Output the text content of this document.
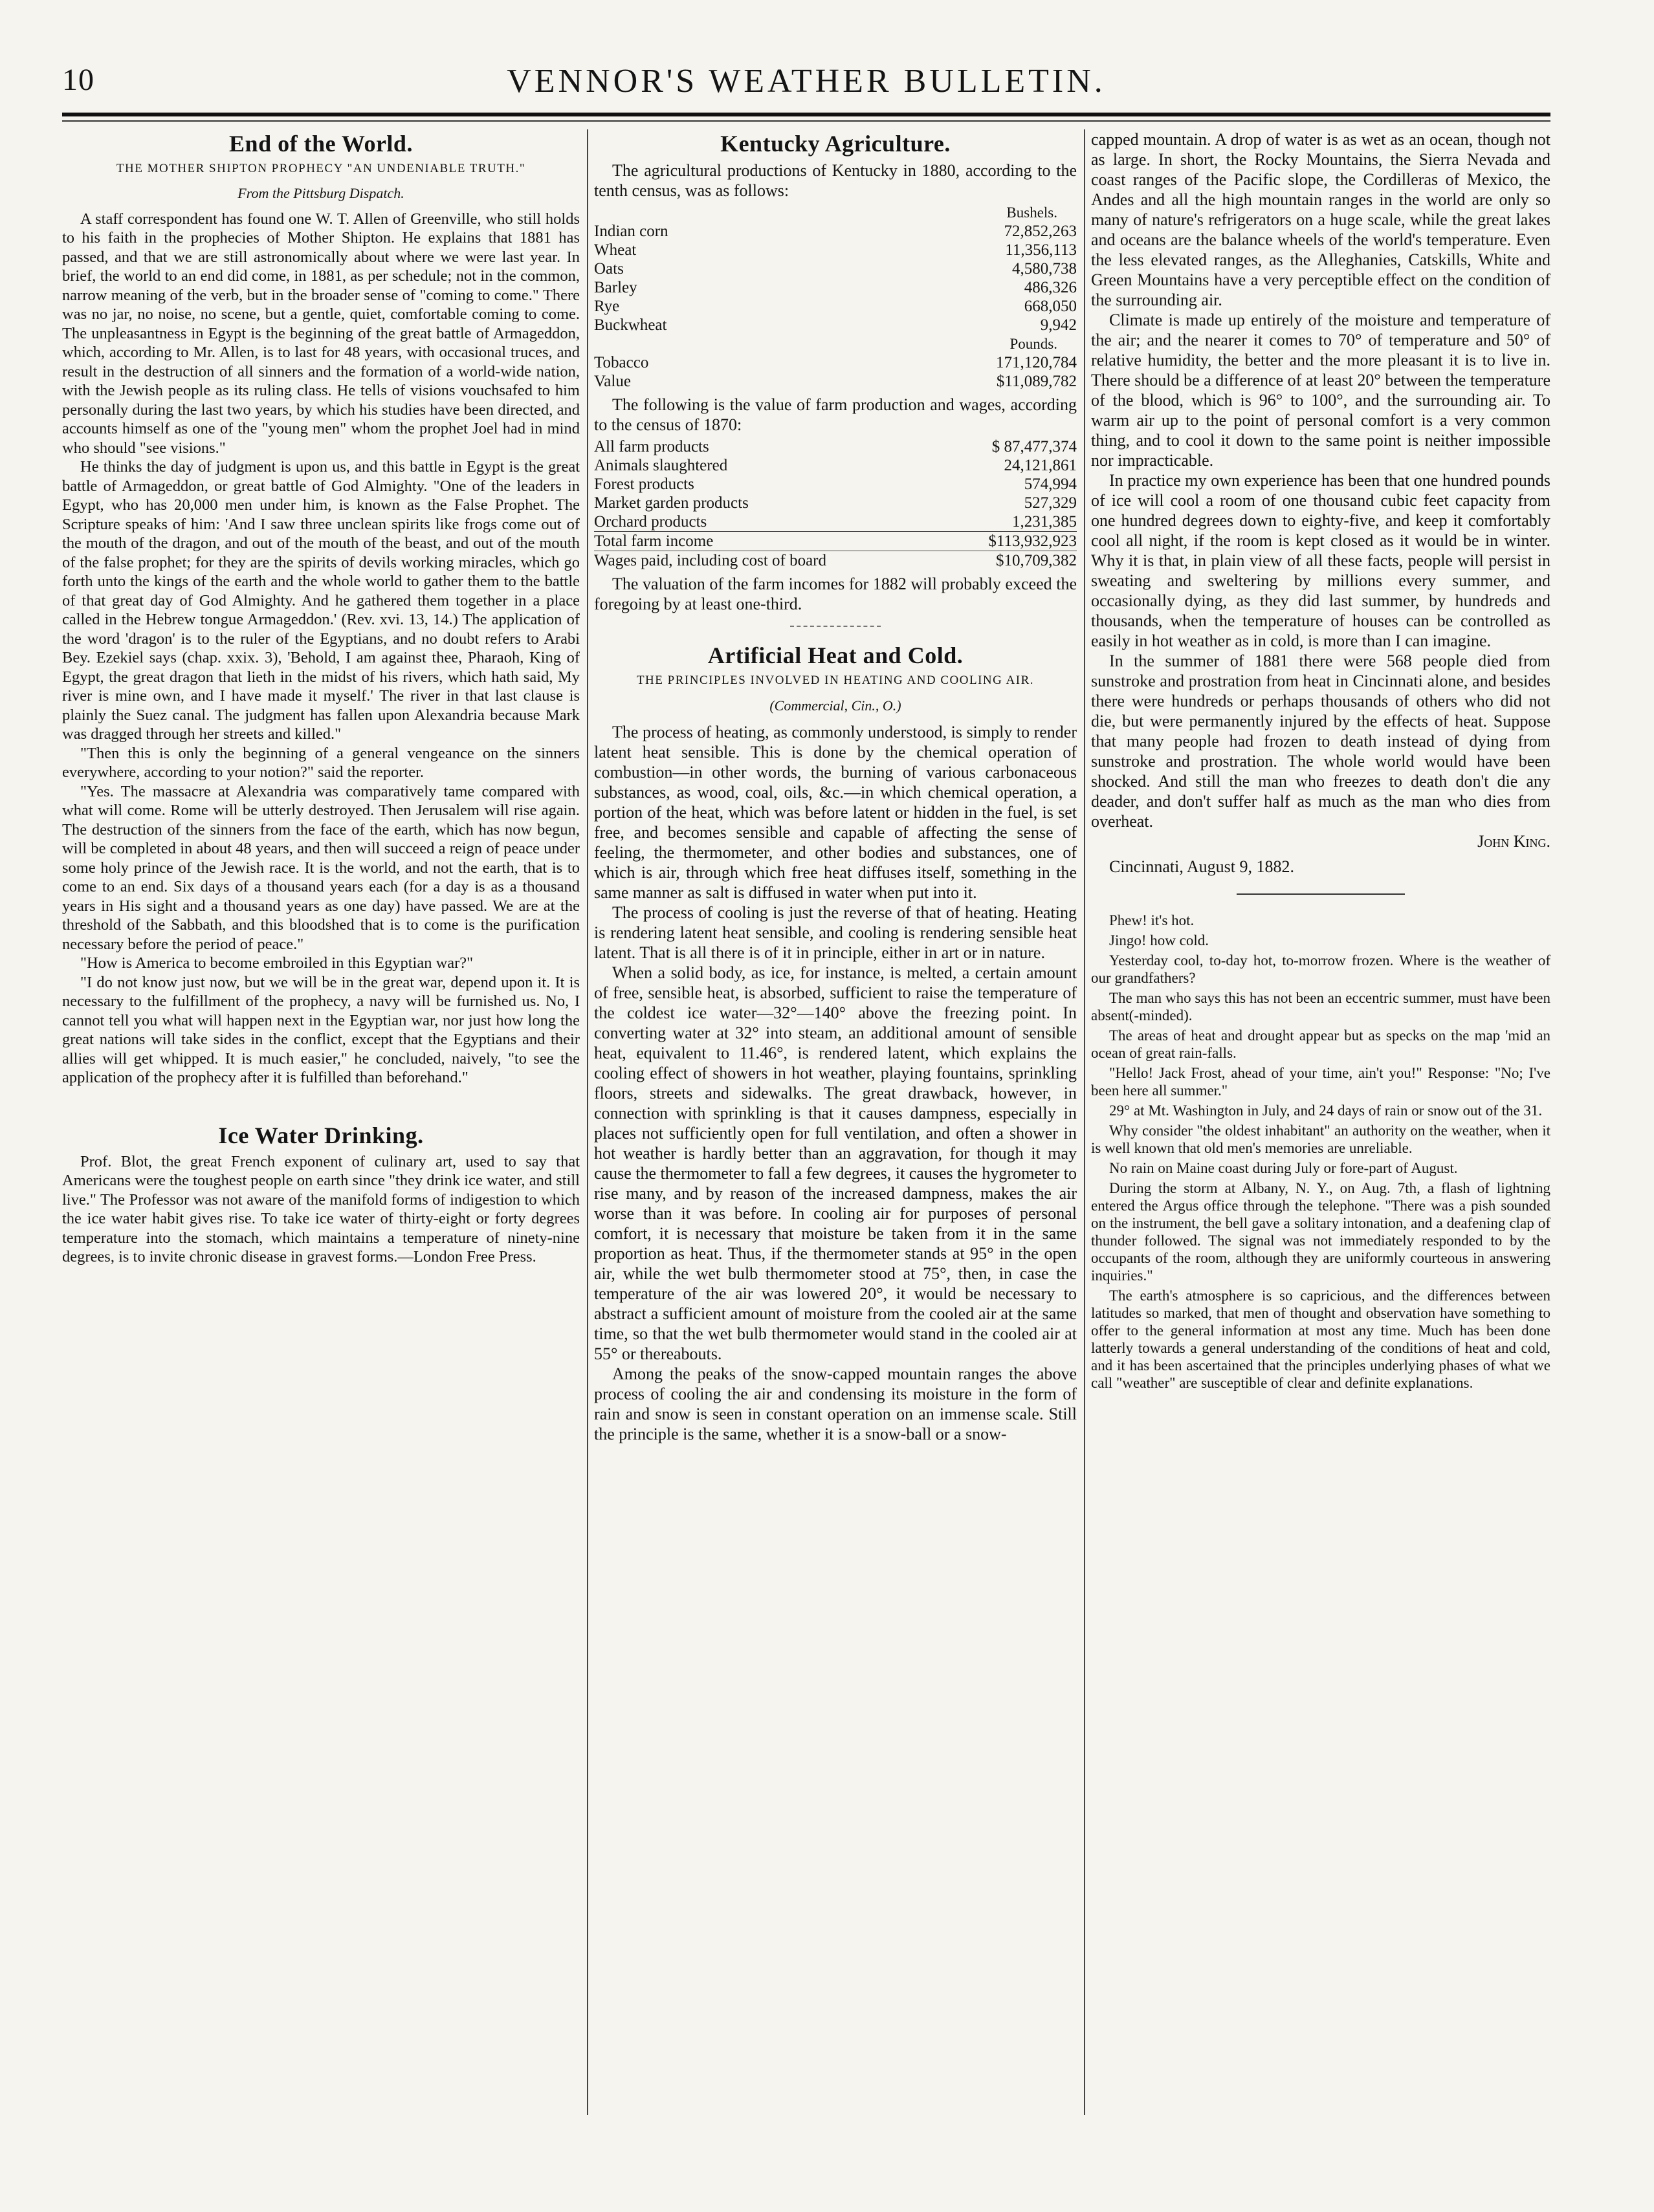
10	VENNOR'S WEATHER BULLETIN.
End of the World.
THE MOTHER SHIPTON PROPHECY "AN UNDENIABLE TRUTH."
From the Pittsburg Dispatch.

A staff correspondent has found one W. T. Allen of Greenville, who still holds to his faith in the prophecies of Mother Shipton. He explains that 1881 has passed, and that we are still astronomically about where we were last year. In brief, the world to an end did come, in 1881, as per schedule; not in the common, narrow meaning of the verb, but in the broader sense of "coming to come." There was no jar, no noise, no scene, but a gentle, quiet, comfortable coming to come. The unpleasantness in Egypt is the beginning of the great battle of Armageddon, which, according to Mr. Allen, is to last for 48 years, with occasional truces, and result in the destruction of all sinners and the formation of a world-wide nation, with the Jewish people as its ruling class. He tells of visions vouchsafed to him personally during the last two years, by which his studies have been directed, and accounts himself as one of the "young men" whom the prophet Joel had in mind who should "see visions."

He thinks the day of judgment is upon us, and this battle in Egypt is the great battle of Armageddon, or great battle of God Almighty. "One of the leaders in Egypt, who has 20,000 men under him, is known as the False Prophet. The Scripture speaks of him: 'And I saw three unclean spirits like frogs come out of the mouth of the dragon, and out of the mouth of the beast, and out of the mouth of the false prophet; for they are the spirits of devils working miracles, which go forth unto the kings of the earth and the whole world to gather them to the battle of that great day of God Almighty. And he gathered them together in a place called in the Hebrew tongue Armageddon.' (Rev. xvi. 13, 14.) The application of the word 'dragon' is to the ruler of the Egyptians, and no doubt refers to Arabi Bey. Ezekiel says (chap. xxix. 3), 'Behold, I am against thee, Pharaoh, King of Egypt, the great dragon that lieth in the midst of his rivers, which hath said, My river is mine own, and I have made it myself.' The river in that last clause is plainly the Suez canal. The judgment has fallen upon Alexandria because Mark was dragged through her streets and killed."

"Then this is only the beginning of a general vengeance on the sinners everywhere, according to your notion?" said the reporter.

"Yes. The massacre at Alexandria was comparatively tame compared with what will come. Rome will be utterly destroyed. Then Jerusalem will rise again. The destruction of the sinners from the face of the earth, which has now begun, will be completed in about 48 years, and then will succeed a reign of peace under some holy prince of the Jewish race. It is the world, and not the earth, that is to come to an end. Six days of a thousand years each (for a day is as a thousand years in His sight and a thousand years as one day) have passed. We are at the threshold of the Sabbath, and this bloodshed that is to come is the purification necessary before the period of peace."

"How is America to become embroiled in this Egyptian war?"

"I do not know just now, but we will be in the great war, depend upon it. It is necessary to the fulfillment of the prophecy, a navy will be furnished us. No, I cannot tell you what will happen next in the Egyptian war, nor just how long the great nations will take sides in the conflict, except that the Egyptians and their allies will get whipped. It is much easier," he concluded, naively, "to see the application of the prophecy after it is fulfilled than beforehand."

Ice Water Drinking.

Prof. Blot, the great French exponent of culinary art, used to say that Americans were the toughest people on earth since "they drink ice water, and still live." The Professor was not aware of the manifold forms of indigestion to which the ice water habit gives rise. To take ice water of thirty-eight or forty degrees temperature into the stomach, which maintains a temperature of ninety-nine degrees, is to invite chronic disease in gravest forms.—London Free Press.

Kentucky Agriculture.

The agricultural productions of Kentucky in 1880, according to the tenth census, was as follows:

	Bushels.
Indian corn	72,852,263
Wheat	11,356,113
Oats	4,580,738
Barley	486,326
Rye	668,050
Buckwheat	9,942
	Pounds.
Tobacco	171,120,784
Value	$11,089,782

The following is the value of farm production and wages, according to the census of 1870:

All farm products	$ 87,477,374
Animals slaughtered	24,121,861
Forest products	574,994
Market garden products	527,329
Orchard products	1,231,385
Total farm income	$113,932,923
Wages paid, including cost of board	$10,709,382

The valuation of the farm incomes for 1882 will probably exceed the foregoing by at least one-third.

Artificial Heat and Cold.
THE PRINCIPLES INVOLVED IN HEATING AND COOLING AIR.
(Commercial, Cin., O.)

The process of heating, as commonly understood, is simply to render latent heat sensible. This is done by the chemical operation of combustion—in other words, the burning of various carbonaceous substances, as wood, coal, oils, &c.—in which chemical operation, a portion of the heat, which was before latent or hidden in the fuel, is set free, and becomes sensible and capable of affecting the sense of feeling, the thermometer, and other bodies and substances, one of which is air, through which free heat diffuses itself, something in the same manner as salt is diffused in water when put into it.

The process of cooling is just the reverse of that of heating. Heating is rendering latent heat sensible, and cooling is rendering sensible heat latent. That is all there is of it in principle, either in art or in nature.

When a solid body, as ice, for instance, is melted, a certain amount of free, sensible heat, is absorbed, sufficient to raise the temperature of the coldest ice water—32°—140° above the freezing point. In converting water at 32° into steam, an additional amount of sensible heat, equivalent to 11.46°, is rendered latent, which explains the cooling effect of showers in hot weather, playing fountains, sprinkling floors, streets and sidewalks. The great drawback, however, in connection with sprinkling is that it causes dampness, especially in places not sufficiently open for full ventilation, and often a shower in hot weather is hardly better than an aggravation, for though it may cause the thermometer to fall a few degrees, it causes the hygrometer to rise many, and by reason of the increased dampness, makes the air worse than it was before. In cooling air for purposes of personal comfort, it is necessary that moisture be taken from it in the same proportion as heat. Thus, if the thermometer stands at 95° in the open air, while the wet bulb thermometer stood at 75°, then, in case the temperature of the air was lowered 20°, it would be necessary to abstract a sufficient amount of moisture from the cooled air at the same time, so that the wet bulb thermometer would stand in the cooled air at 55° or thereabouts.

Among the peaks of the snow-capped mountain ranges the above process of cooling the air and condensing its moisture in the form of rain and snow is seen in constant operation on an immense scale. Still the principle is the same, whether it is a snow-ball or a snow-

capped mountain. A drop of water is as wet as an ocean, though not as large. In short, the Rocky Mountains, the Sierra Nevada and coast ranges of the Pacific slope, the Cordilleras of Mexico, the Andes and all the high mountain ranges in the world are only so many of nature's refrigerators on a huge scale, while the great lakes and oceans are the balance wheels of the world's temperature. Even the less elevated ranges, as the Alleghanies, Catskills, White and Green Mountains have a very perceptible effect on the condition of the surrounding air.

Climate is made up entirely of the moisture and temperature of the air; and the nearer it comes to 70° of temperature and 50° of relative humidity, the better and the more pleasant it is to live in. There should be a difference of at least 20° between the temperature of the blood, which is 96° to 100°, and the surrounding air. To warm air up to the point of personal comfort is a very common thing, and to cool it down to the same point is neither impossible nor impracticable.

In practice my own experience has been that one hundred pounds of ice will cool a room of one thousand cubic feet capacity from one hundred degrees down to eighty-five, and keep it comfortably cool all night, if the room is kept closed as it would be in winter. Why it is that, in plain view of all these facts, people will persist in sweating and sweltering by millions every summer, and occasionally dying, as they did last summer, by hundreds and thousands, when the temperature of houses can be controlled as easily in hot weather as in cold, is more than I can imagine.

In the summer of 1881 there were 568 people died from sunstroke and prostration from heat in Cincinnati alone, and besides there were hundreds or perhaps thousands of others who did not die, but were permanently injured by the effects of heat. Suppose that many people had frozen to death instead of dying from sunstroke and prostration. The whole world would have been shocked. And still the man who freezes to death don't die any deader, and don't suffer half as much as the man who dies from overheat.

John King.

Cincinnati, August 9, 1882.

Phew! it's hot.

Jingo! how cold.

Yesterday cool, to-day hot, to-morrow frozen. Where is the weather of our grandfathers?

The man who says this has not been an eccentric summer, must have been absent(-minded).

The areas of heat and drought appear but as specks on the map 'mid an ocean of great rain-falls.

"Hello! Jack Frost, ahead of your time, ain't you!" Response: "No; I've been here all summer."

29° at Mt. Washington in July, and 24 days of rain or snow out of the 31.

Why consider "the oldest inhabitant" an authority on the weather, when it is well known that old men's memories are unreliable.

No rain on Maine coast during July or fore-part of August.

During the storm at Albany, N. Y., on Aug. 7th, a flash of lightning entered the Argus office through the telephone. "There was a pish sounded on the instrument, the bell gave a solitary intonation, and a deafening clap of thunder followed. The signal was not immediately responded to by the occupants of the room, although they are uniformly courteous in answering inquiries."

The earth's atmosphere is so capricious, and the differences between latitudes so marked, that men of thought and observation have something to offer to the general information at most any time. Much has been done latterly towards a general understanding of the conditions of heat and cold, and it has been ascertained that the principles underlying phases of what we call "weather" are susceptible of clear and definite explanations.
